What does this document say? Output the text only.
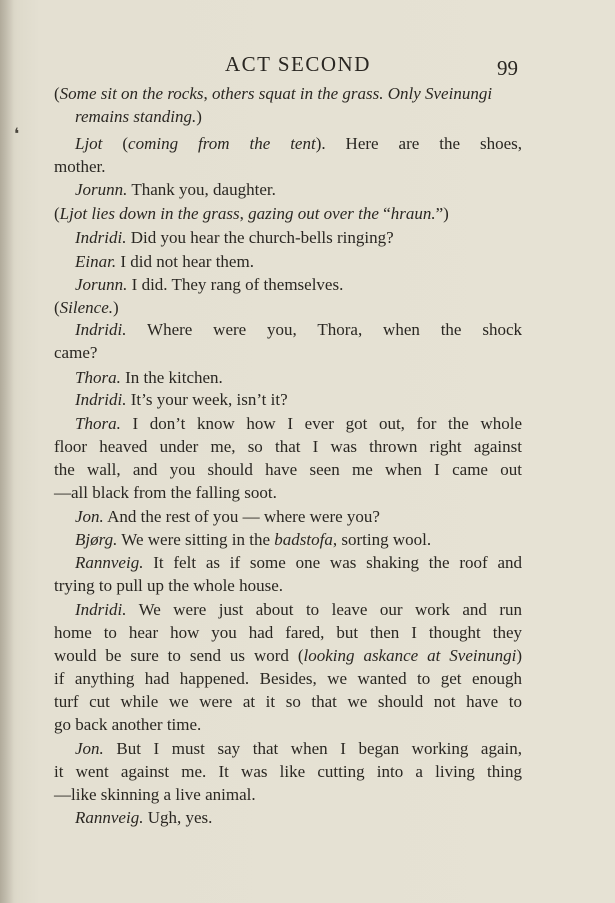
ACT SECOND	99
❛
(Some sit on the rocks, others squat in the grass. Only Sveinungi
remains standing.)
Ljot (coming from the tent). Here are the shoes,
mother.
Jorunn. Thank you, daughter.
(Ljot lies down in the grass, gazing out over the “hraun.”)
Indridi. Did you hear the church-bells ringing?
Einar. I did not hear them.
Jorunn. I did. They rang of themselves.
(Silence.)
Indridi. Where were you, Thora, when the shock
came?
Thora. In the kitchen.
Indridi. It’s your week, isn’t it?
Thora. I don’t know how I ever got out, for the whole
floor heaved under me, so that I was thrown right against
the wall, and you should have seen me when I came out
—all black from the falling soot.
Jon. And the rest of you — where were you?
Bjørg. We were sitting in the badstofa, sorting wool.
Rannveig. It felt as if some one was shaking the roof and
trying to pull up the whole house.
Indridi. We were just about to leave our work and run
home to hear how you had fared, but then I thought they
would be sure to send us word (looking askance at Sveinungi)
if anything had happened. Besides, we wanted to get enough
turf cut while we were at it so that we should not have to
go back another time.
Jon. But I must say that when I began working again,
it went against me. It was like cutting into a living thing
—like skinning a live animal.
Rannveig. Ugh, yes.
